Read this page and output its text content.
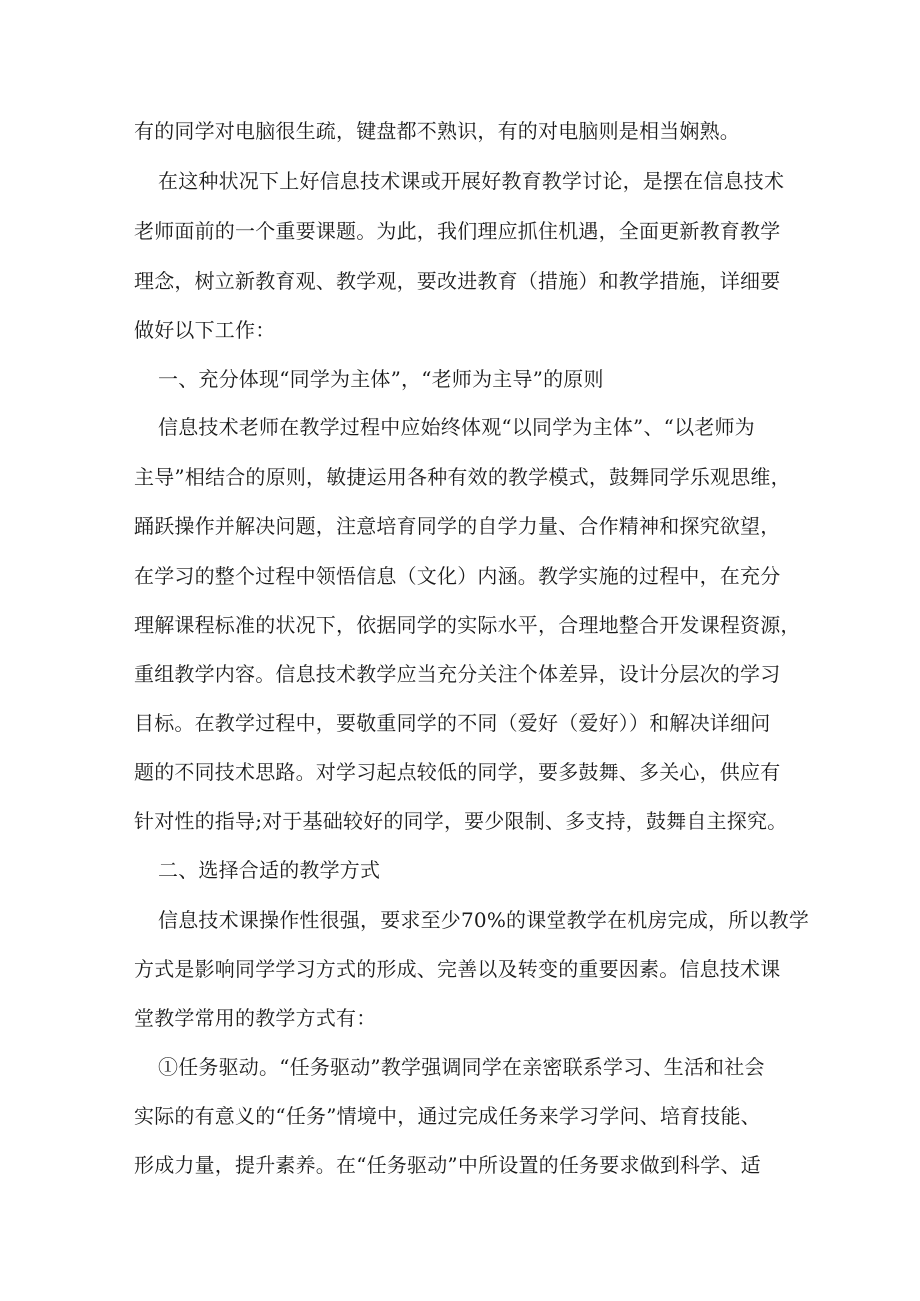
有的同学对电脑很生疏，键盘都不熟识，有的对电脑则是相当娴熟。
在这种状况下上好信息技术课或开展好教育教学讨论，是摆在信息技术
老师面前的一个重要课题。为此，我们理应抓住机遇，全面更新教育教学
理念，树立新教育观、教学观，要改进教育（措施）和教学措施，详细要
做好以下工作：
一、充分体现“同学为主体”，“老师为主导”的原则
信息技术老师在教学过程中应始终体观“以同学为主体”、“以老师为
主导”相结合的原则，敏捷运用各种有效的教学模式，鼓舞同学乐观思维，
踊跃操作并解决问题，注意培育同学的自学力量、合作精神和探究欲望，
在学习的整个过程中领悟信息（文化）内涵。教学实施的过程中，在充分
理解课程标准的状况下，依据同学的实际水平，合理地整合开发课程资源，
重组教学内容。信息技术教学应当充分关注个体差异，设计分层次的学习
目标。在教学过程中，要敬重同学的不同（爱好（爱好））和解决详细问
题的不同技术思路。对学习起点较低的同学，要多鼓舞、多关心，供应有
针对性的指导;对于基础较好的同学，要少限制、多支持，鼓舞自主探究。
二、选择合适的教学方式
信息技术课操作性很强，要求至少70%的课堂教学在机房完成，所以教学
方式是影响同学学习方式的形成、完善以及转变的重要因素。信息技术课
堂教学常用的教学方式有：
①任务驱动。“任务驱动”教学强调同学在亲密联系学习、生活和社会
实际的有意义的“任务”情境中，通过完成任务来学习学问、培育技能、
形成力量，提升素养。在“任务驱动”中所设置的任务要求做到科学、适
